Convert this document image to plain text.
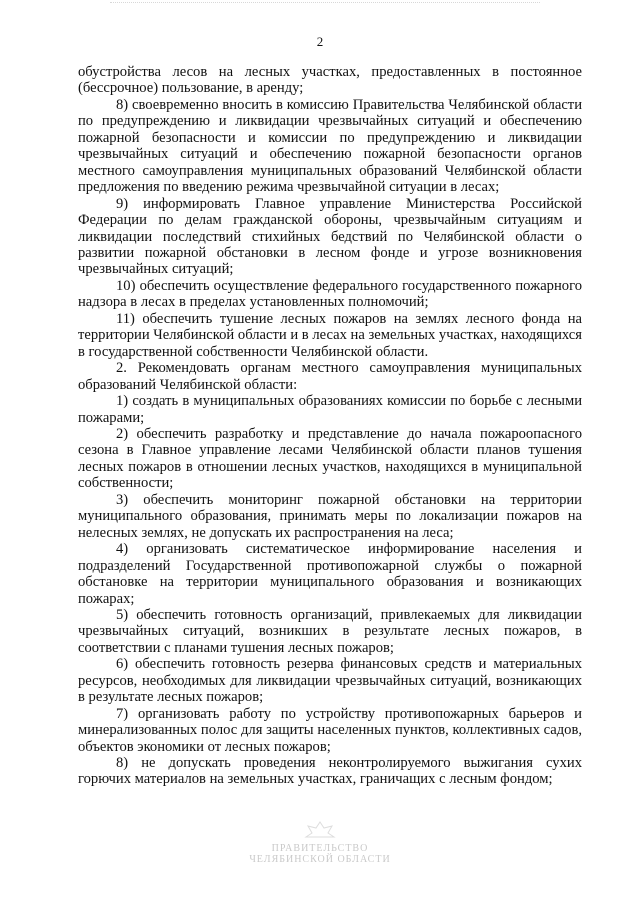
2

обустройства лесов на лесных участках, предоставленных в постоянное (бессрочное) пользование, в аренду;

8) своевременно вносить в комиссию Правительства Челябинской области по предупреждению и ликвидации чрезвычайных ситуаций и обеспечению пожарной безопасности и комиссии по предупреждению и ликвидации чрезвычайных ситуаций и обеспечению пожарной безопасности органов местного самоуправления муниципальных образований Челябинской области предложения по введению режима чрезвычайной ситуации в лесах;

9) информировать Главное управление Министерства Российской Федерации по делам гражданской обороны, чрезвычайным ситуациям и ликвидации последствий стихийных бедствий по Челябинской области о развитии пожарной обстановки в лесном фонде и угрозе возникновения чрезвычайных ситуаций;

10) обеспечить осуществление федерального государственного пожарного надзора в лесах в пределах установленных полномочий;

11) обеспечить тушение лесных пожаров на землях лесного фонда на территории Челябинской области и в лесах на земельных участках, находящихся в государственной собственности Челябинской области.

2. Рекомендовать органам местного самоуправления муниципальных образований Челябинской области:

1) создать в муниципальных образованиях комиссии по борьбе с лесными пожарами;

2) обеспечить разработку и представление до начала пожароопасного сезона в Главное управление лесами Челябинской области планов тушения лесных пожаров в отношении лесных участков, находящихся в муниципальной собственности;

3) обеспечить мониторинг пожарной обстановки на территории муниципального образования, принимать меры по локализации пожаров на нелесных землях, не допускать их распространения на леса;

4) организовать систематическое информирование населения и подразделений Государственной противопожарной службы о пожарной обстановке на территории муниципального образования и возникающих пожарах;

5) обеспечить готовность организаций, привлекаемых для ликвидации чрезвычайных ситуаций, возникших в результате лесных пожаров, в соответствии с планами тушения лесных пожаров;

6) обеспечить готовность резерва финансовых средств и материальных ресурсов, необходимых для ликвидации чрезвычайных ситуаций, возникающих в результате лесных пожаров;

7) организовать работу по устройству противопожарных барьеров и минерализованных полос для защиты населенных пунктов, коллективных садов, объектов экономики от лесных пожаров;

8) не допускать проведения неконтролируемого выжигания сухих горючих материалов на земельных участках, граничащих с лесным фондом;

ПРАВИТЕЛЬСТВО
ЧЕЛЯБИНСКОЙ ОБЛАСТИ
